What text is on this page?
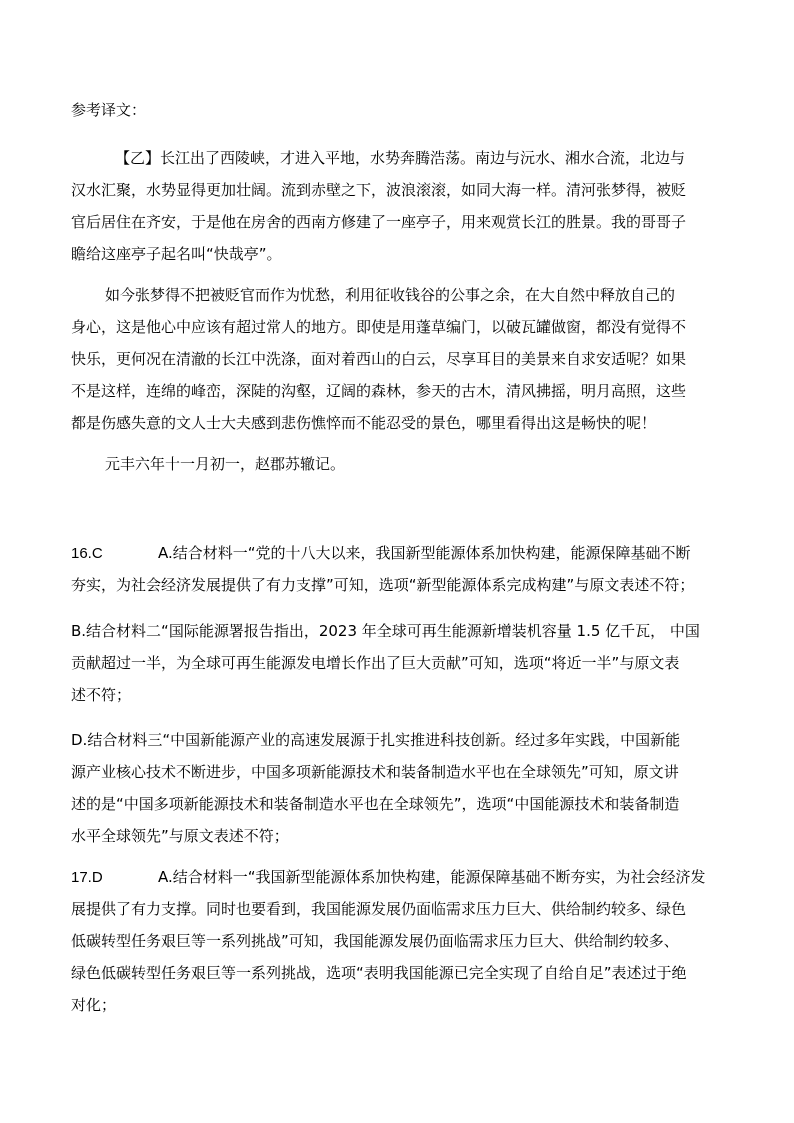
参考译文：
【乙】长江出了西陵峡，才进入平地，水势奔腾浩荡。南边与沅水、湘水合流，北边与
汉水汇聚，水势显得更加壮阔。流到赤壁之下，波浪滚滚，如同大海一样。清河张梦得，被贬
官后居住在齐安，于是他在房舍的西南方修建了一座亭子，用来观赏长江的胜景。我的哥哥子
瞻给这座亭子起名叫“快哉亭”。
如今张梦得不把被贬官而作为忧愁，利用征收钱谷的公事之余，在大自然中释放自己的
身心，这是他心中应该有超过常人的地方。即使是用蓬草编门，以破瓦罐做窗，都没有觉得不
快乐，更何况在清澈的长江中洗涤，面对着西山的白云，尽享耳目的美景来自求安适呢？如果
不是这样，连绵的峰峦，深陡的沟壑，辽阔的森林，参天的古木，清风拂摇，明月高照，这些
都是伤感失意的文人士大夫感到悲伤憔悴而不能忍受的景色，哪里看得出这是畅快的呢！
元丰六年十一月初一，赵郡苏辙记。
16.C	A.结合材料一“党的十八大以来，我国新型能源体系加快构建，能源保障基础不断
夯实，为社会经济发展提供了有力支撑”可知，选项“新型能源体系完成构建”与原文表述不符；
B.结合材料二“国际能源署报告指出，2023 年全球可再生能源新增装机容量 1.5 亿千瓦， 中国
贡献超过一半，为全球可再生能源发电增长作出了巨大贡献”可知，选项“将近一半”与原文表
述不符；
D.结合材料三“中国新能源产业的高速发展源于扎实推进科技创新。经过多年实践，中国新能
源产业核心技术不断进步，中国多项新能源技术和装备制造水平也在全球领先”可知，原文讲
述的是“中国多项新能源技术和装备制造水平也在全球领先”，选项“中国能源技术和装备制造
水平全球领先”与原文表述不符；
17.D	A.结合材料一“我国新型能源体系加快构建，能源保障基础不断夯实，为社会经济发
展提供了有力支撑。同时也要看到，我国能源发展仍面临需求压力巨大、供给制约较多、绿色
低碳转型任务艰巨等一系列挑战”可知，我国能源发展仍面临需求压力巨大、供给制约较多、
绿色低碳转型任务艰巨等一系列挑战，选项“表明我国能源已完全实现了自给自足”表述过于绝
对化；
